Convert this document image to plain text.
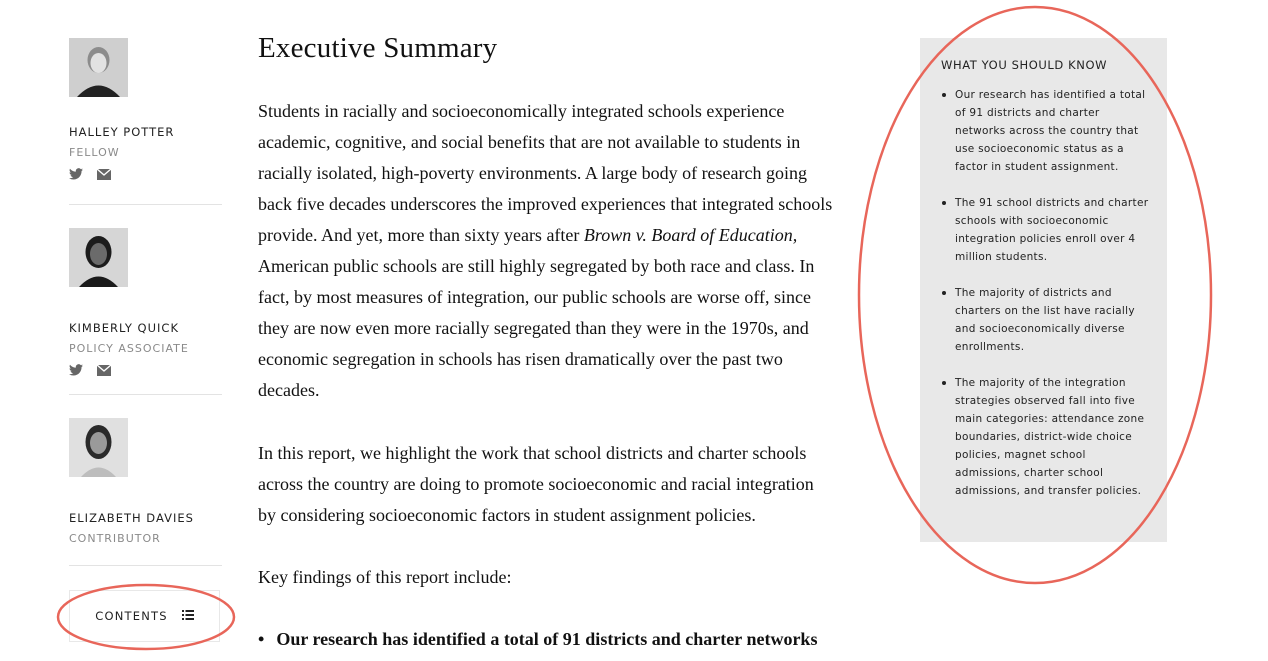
HALLEY POTTER
FELLOW
KIMBERLY QUICK
POLICY ASSOCIATE
ELIZABETH DAVIES
CONTRIBUTOR
CONTENTS
Executive Summary
Students in racially and socioeconomically integrated schools experience
academic, cognitive, and social benefits that are not available to students in
racially isolated, high-poverty environments. A large body of research going
back five decades underscores the improved experiences that integrated schools
provide. And yet, more than sixty years after Brown v. Board of Education,
American public schools are still highly segregated by both race and class. In
fact, by most measures of integration, our public schools are worse off, since
they are now even more racially segregated than they were in the 1970s, and
economic segregation in schools has risen dramatically over the past two
decades.
In this report, we highlight the work that school districts and charter schools
across the country are doing to promote socioeconomic and racial integration
by considering socioeconomic factors in student assignment policies.
Key findings of this report include:
• Our research has identified a total of 91 districts and charter networks
WHAT YOU SHOULD KNOW
Our research has identified a total of 91 districts and charter networks across the country that use socioeconomic status as a factor in student assignment.
The 91 school districts and charter schools with socioeconomic integration policies enroll over 4 million students.
The majority of districts and charters on the list have racially and socioeconomically diverse enrollments.
The majority of the integration strategies observed fall into five main categories: attendance zone boundaries, district-wide choice policies, magnet school admissions, charter school admissions, and transfer policies.
